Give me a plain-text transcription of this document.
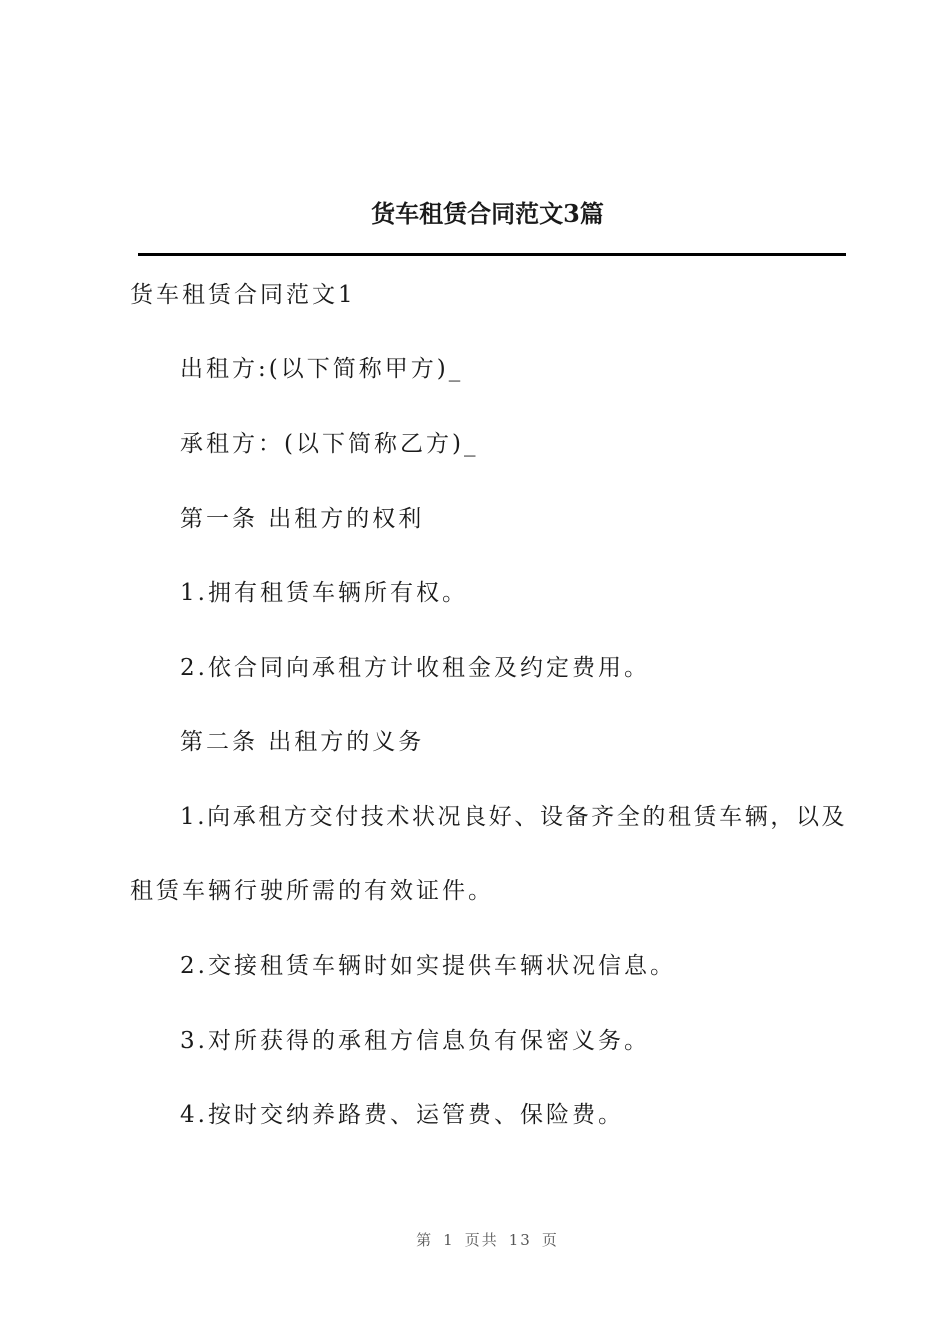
货车租赁合同范文3篇
货车租赁合同范文1
出租方:(以下简称甲方)_
承租方：(以下简称乙方)_
第一条 出租方的权利
1.拥有租赁车辆所有权。
2.依合同向承租方计收租金及约定费用。
第二条 出租方的义务
1.向承租方交付技术状况良好、设备齐全的租赁车辆，以及
租赁车辆行驶所需的有效证件。
2.交接租赁车辆时如实提供车辆状况信息。
3.对所获得的承租方信息负有保密义务。
4.按时交纳养路费、运管费、保险费。
第 1 页共 13 页
